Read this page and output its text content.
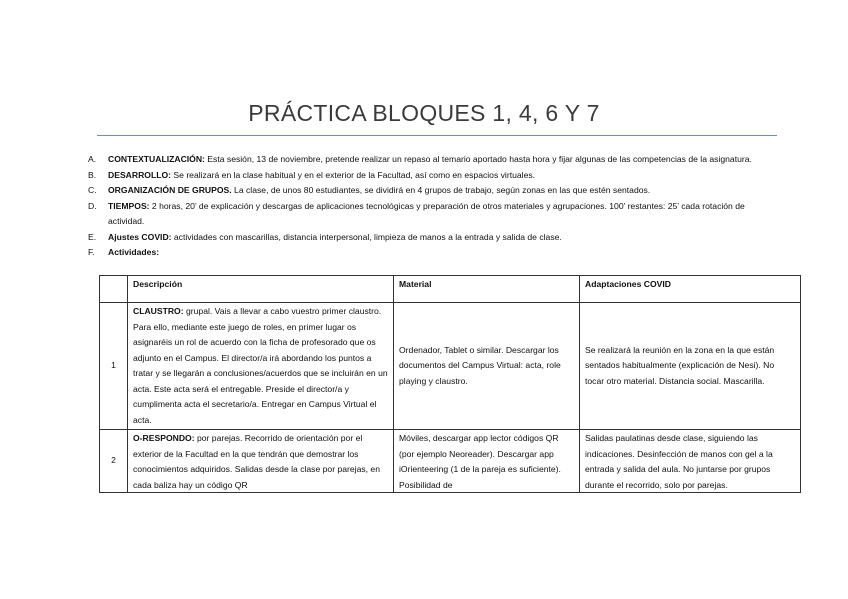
PRÁCTICA BLOQUES 1, 4, 6 Y 7
A.	CONTEXTUALIZACIÓN: Esta sesión, 13 de noviembre, pretende realizar un repaso al temario aportado hasta hora y fijar algunas de las competencias de la asignatura.
B.	DESARROLLO: Se realizará en la clase habitual y en el exterior de la Facultad, así como en espacios virtuales.
C.	ORGANIZACIÓN DE GRUPOS. La clase, de unos 80 estudiantes, se dividirá en 4 grupos de trabajo, según zonas en las que estén sentados.
D.	TIEMPOS: 2 horas, 20’ de explicación y descargas de aplicaciones tecnológicas y preparación de otros materiales y agrupaciones. 100’ restantes: 25’ cada rotación de actividad.
E.	Ajustes COVID: actividades con mascarillas, distancia interpersonal, limpieza de manos a la entrada y salida de clase.
F.	Actividades:
	Descripción	Material	Adaptaciones COVID
1	CLAUSTRO: grupal. Vais a llevar a cabo vuestro primer claustro. Para ello, mediante este juego de roles, en primer lugar os asignaréis un rol de acuerdo con la ficha de profesorado que os adjunto en el Campus. El director/a irá abordando los puntos a tratar y se llegarán a conclusiones/acuerdos que se incluirán en un acta. Este acta será el entregable. Preside el director/a y cumplimenta acta el secretario/a. Entregar en Campus Virtual el acta.	Ordenador, Tablet o similar. Descargar los documentos del Campus Virtual: acta, role playing y claustro.	Se realizará la reunión en la zona en la que están sentados habitualmente (explicación de Nesi). No tocar otro material. Distancia social. Mascarilla.
2	O-RESPONDO: por parejas. Recorrido de orientación por el exterior de la Facultad en la que tendrán que demostrar los conocimientos adquiridos. Salidas desde la clase por parejas, en cada baliza hay un código QR	Móviles, descargar app lector códigos QR (por ejemplo Neoreader). Descargar app iOrienteering (1 de la pareja es suficiente). Posibilidad de	Salidas paulatinas desde clase, siguiendo las indicaciones. Desinfección de manos con gel a la entrada y salida del aula. No juntarse por grupos durante el recorrido, solo por parejas.
